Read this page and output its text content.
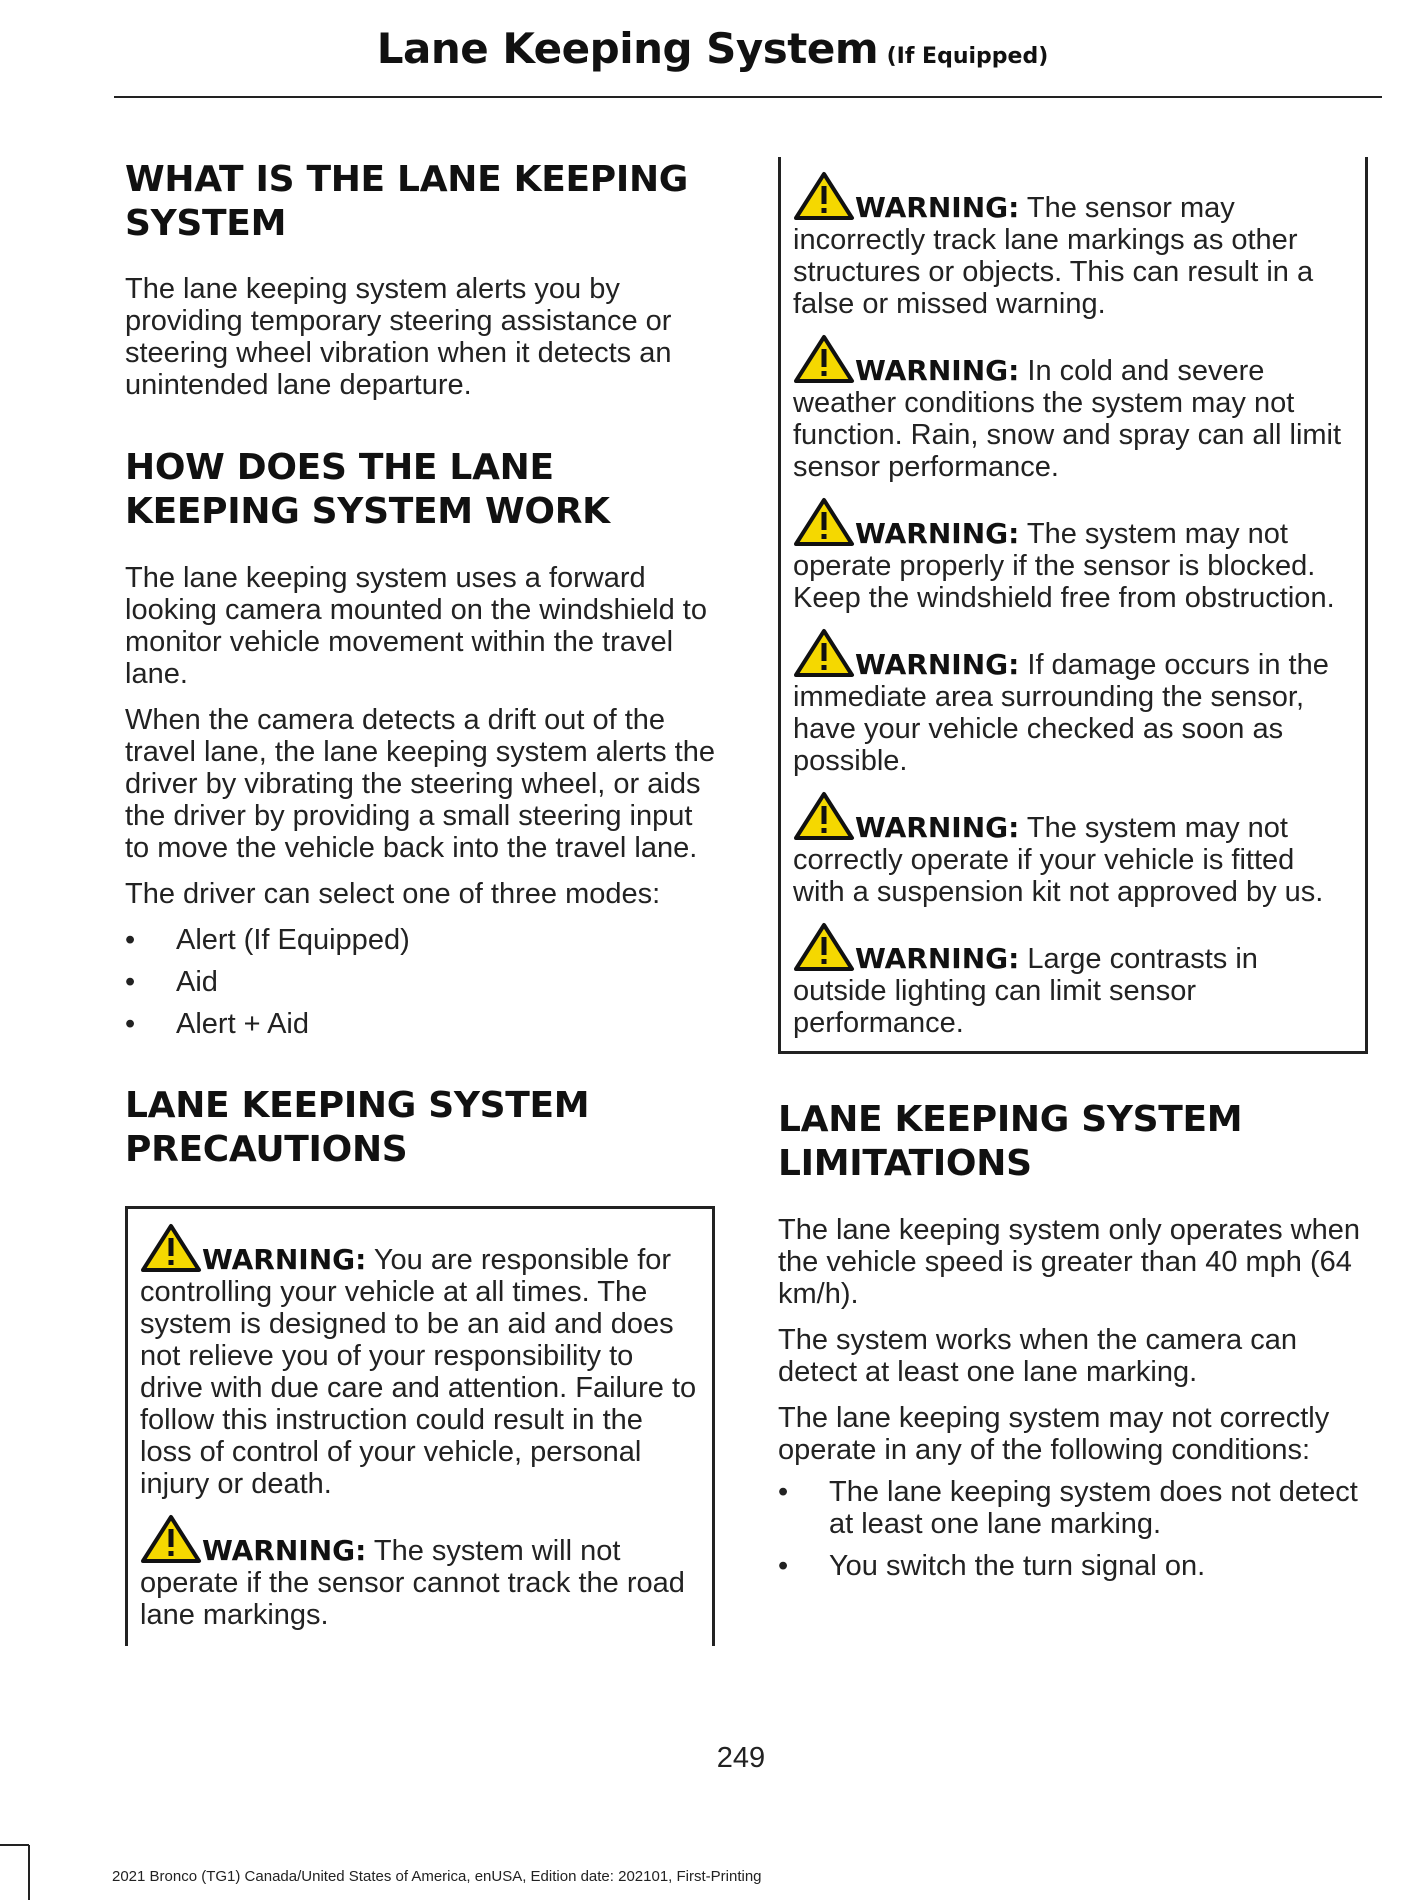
Lane Keeping System (If Equipped)
WHAT IS THE LANE KEEPING SYSTEM

The lane keeping system alerts you by providing temporary steering assistance or steering wheel vibration when it detects an unintended lane departure.

HOW DOES THE LANE KEEPING SYSTEM WORK

The lane keeping system uses a forward looking camera mounted on the windshield to monitor vehicle movement within the travel lane.

When the camera detects a drift out of the travel lane, the lane keeping system alerts the driver by vibrating the steering wheel, or aids the driver by providing a small steering input to move the vehicle back into the travel lane.

The driver can select one of three modes:

•	Alert (If Equipped)
•	Aid
•	Alert + Aid
LANE KEEPING SYSTEM PRECAUTIONS

WARNING: You are responsible for controlling your vehicle at all times. The system is designed to be an aid and does not relieve you of your responsibility to drive with due care and attention. Failure to follow this instruction could result in the loss of control of your vehicle, personal injury or death.

WARNING: The system will not operate if the sensor cannot track the road lane markings.

WARNING: The sensor may incorrectly track lane markings as other structures or objects. This can result in a false or missed warning.

WARNING: In cold and severe weather conditions the system may not function. Rain, snow and spray can all limit sensor performance.

WARNING: The system may not operate properly if the sensor is blocked. Keep the windshield free from obstruction.

WARNING: If damage occurs in the immediate area surrounding the sensor, have your vehicle checked as soon as possible.

WARNING: The system may not correctly operate if your vehicle is fitted with a suspension kit not approved by us.

WARNING: Large contrasts in outside lighting can limit sensor performance.

LANE KEEPING SYSTEM LIMITATIONS

The lane keeping system only operates when the vehicle speed is greater than 40 mph (64 km/h).

The system works when the camera can detect at least one lane marking.

The lane keeping system may not correctly operate in any of the following conditions:

•	The lane keeping system does not detect at least one lane marking.
•	You switch the turn signal on.
249
2021 Bronco (TG1) Canada/United States of America, enUSA, Edition date: 202101, First-Printing
